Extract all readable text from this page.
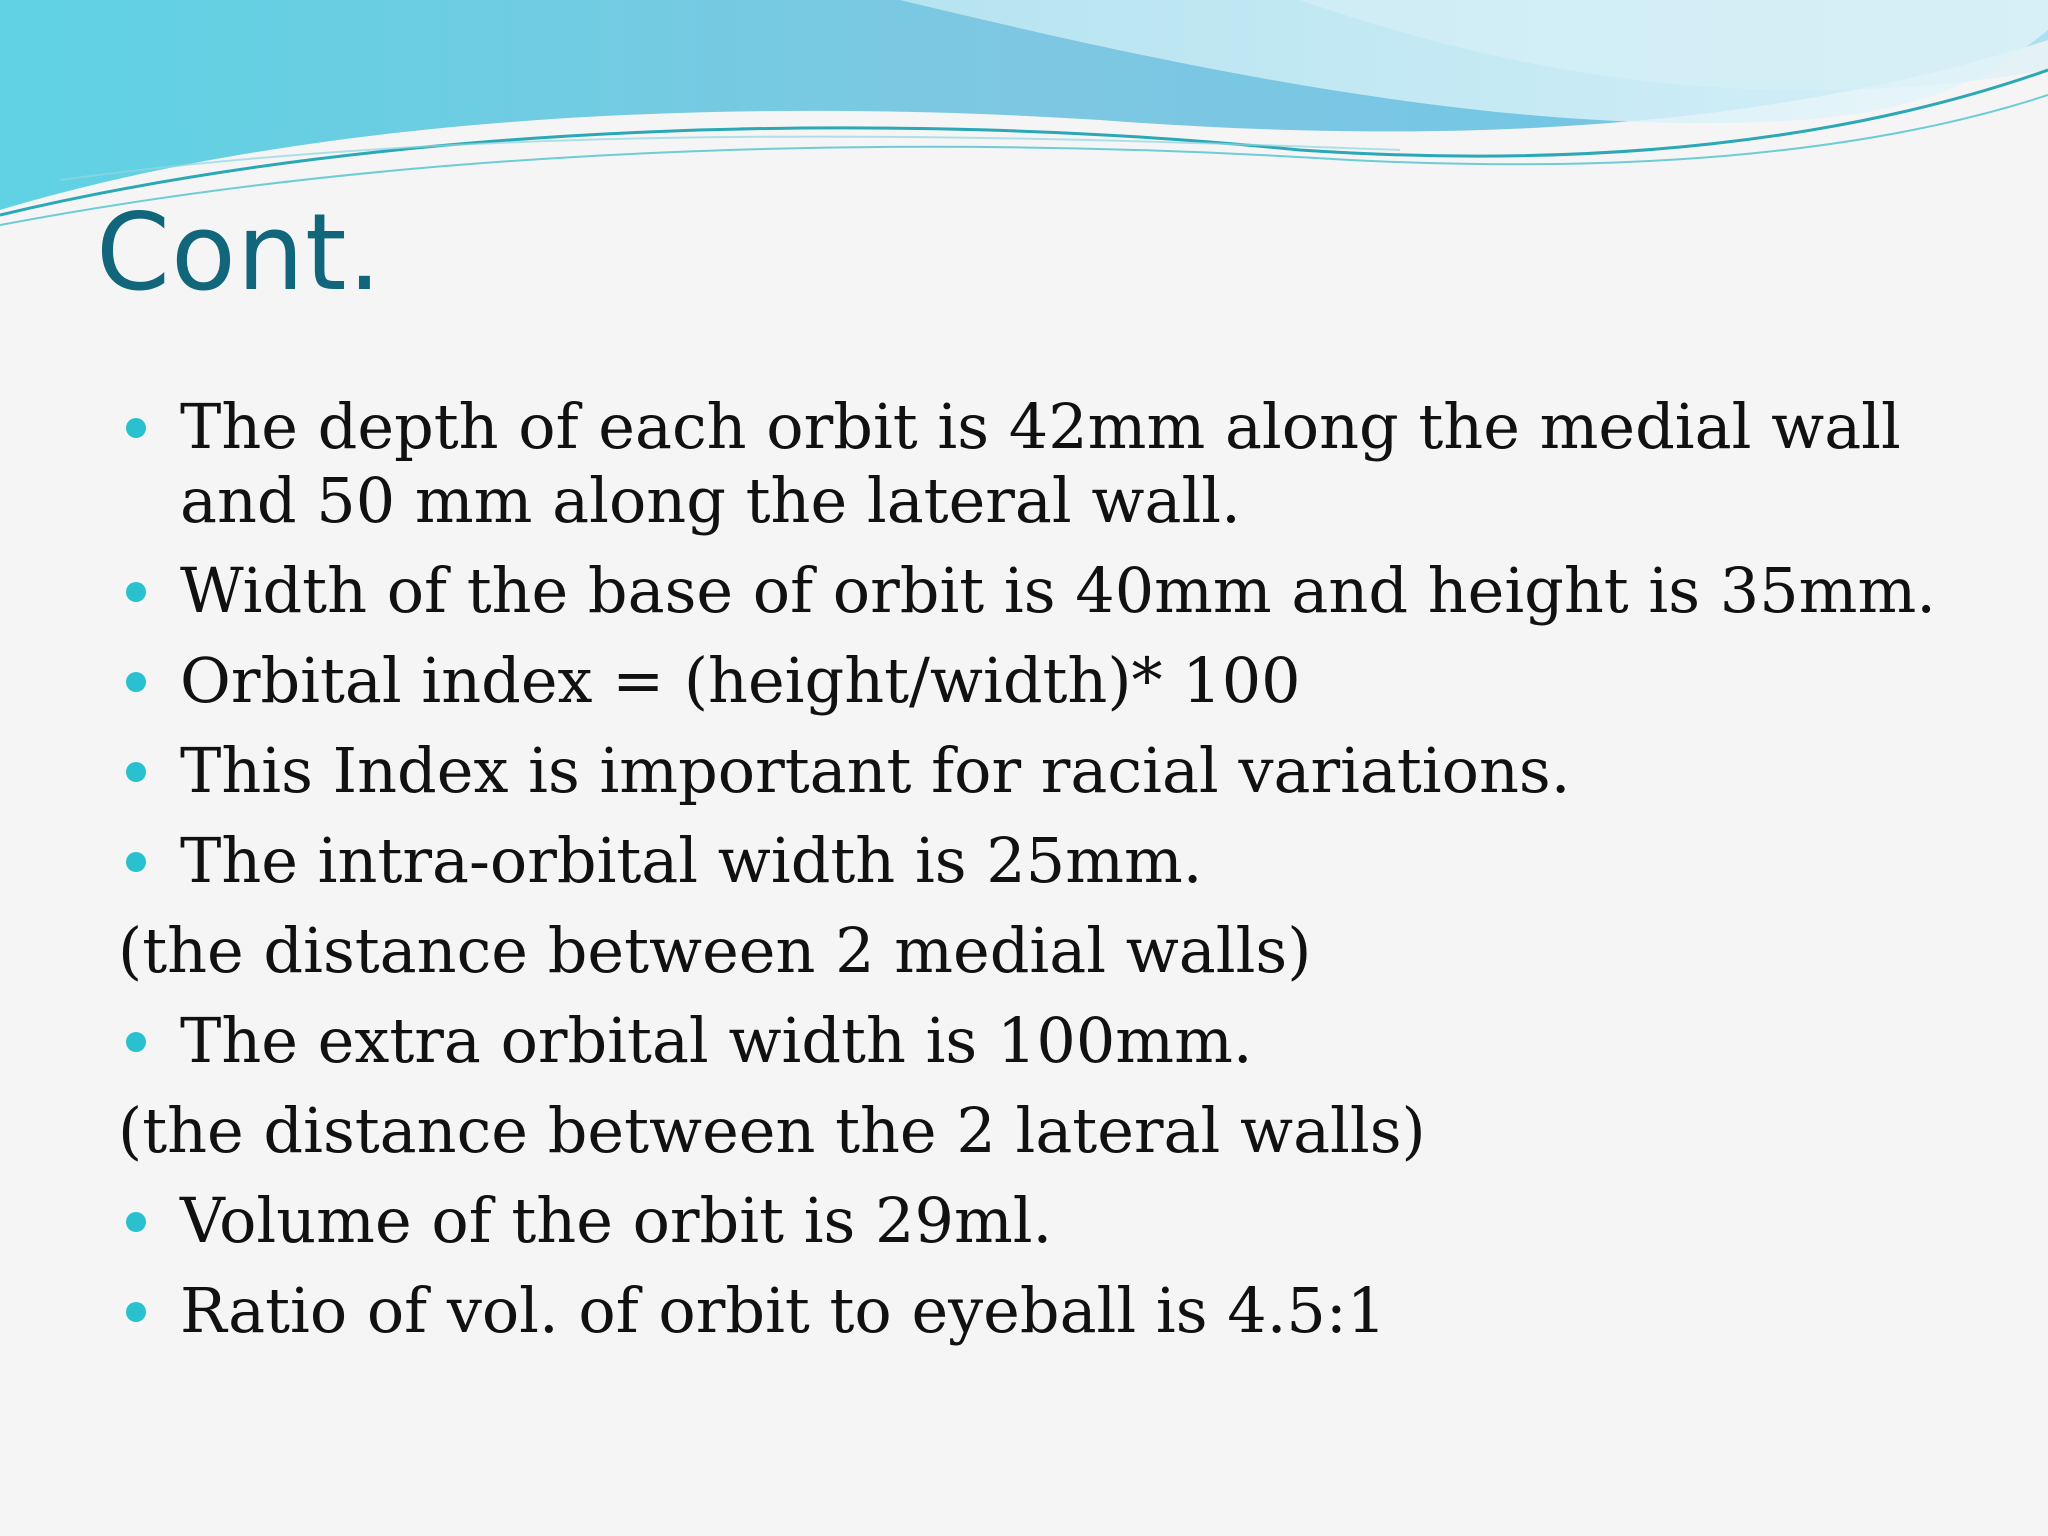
Cont.
The depth of each orbit is 42mm along the medial wall and 50 mm along the lateral wall.
Width of the base of orbit is 40mm and height is 35mm.
Orbital index = (height/width)* 100
This Index is important for racial variations.
The intra-orbital width is 25mm.
(the distance between 2 medial walls)
The extra orbital width is 100mm.
(the distance between the 2 lateral walls)
Volume of the orbit is 29ml.
Ratio of vol. of orbit to eyeball is 4.5:1
